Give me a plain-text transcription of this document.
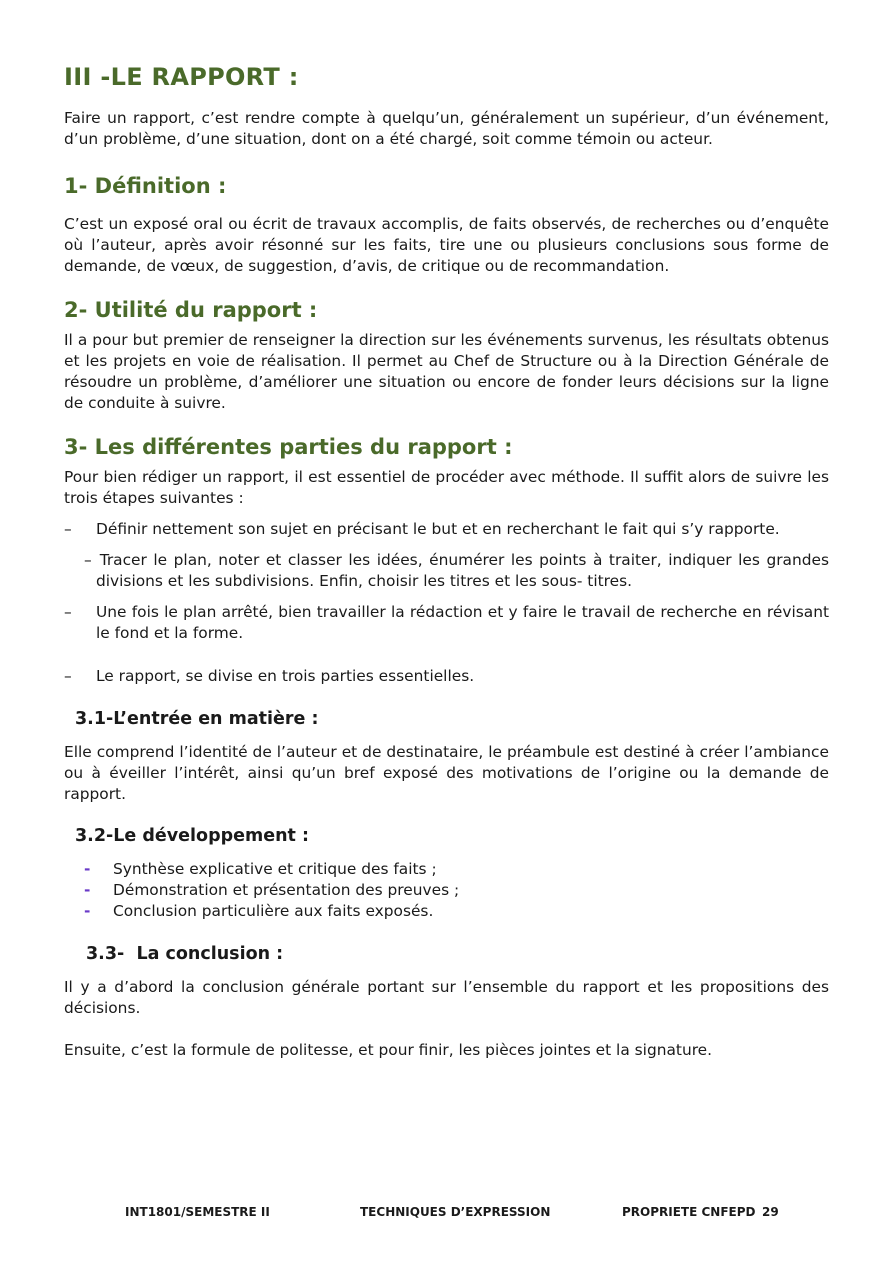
III -LE RAPPORT :

Faire un rapport, c’est rendre compte à quelqu’un, généralement un supérieur, d’un événement, d’un problème, d’une situation, dont on a été chargé, soit comme témoin ou acteur.

1- Définition :

C’est un exposé oral ou écrit de travaux accomplis, de faits observés, de recherches ou d’enquête où l’auteur, après avoir résonné sur les faits, tire une ou plusieurs conclusions sous forme de demande, de vœux, de suggestion, d’avis, de critique ou de recommandation.

2- Utilité du rapport :

Il a pour but premier de renseigner la direction sur les événements survenus, les résultats obtenus et les projets en voie de réalisation. Il permet au Chef de Structure ou à la Direction Générale de résoudre un problème, d’améliorer une situation ou encore de fonder leurs décisions sur la ligne de conduite à suivre.

3- Les différentes parties du rapport :

Pour bien rédiger un rapport, il est essentiel de procéder avec méthode. Il suffit alors de suivre les trois étapes suivantes :

– Définir nettement son sujet en précisant le but et en recherchant le fait qui s’y rapporte.
– Tracer le plan, noter et classer les idées, énumérer les points à traiter, indiquer les grandes divisions et les subdivisions. Enfin, choisir les titres et les sous- titres.
– Une fois le plan arrêté, bien travailler la rédaction et y faire le travail de recherche en révisant le fond et la forme.
– Le rapport, se divise en trois parties essentielles.
3.1-L’entrée en matière :

Elle comprend l’identité de l’auteur et de destinataire, le préambule est destiné à créer l’ambiance ou à éveiller l’intérêt, ainsi qu’un bref exposé des motivations de l’origine ou la demande de rapport.

3.2-Le développement :
- Synthèse explicative et critique des faits ;
- Démonstration et présentation des preuves ;
- Conclusion particulière aux faits exposés.
3.3-  La conclusion :

Il y a d’abord la conclusion générale portant sur l’ensemble du rapport et les propositions des décisions.

Ensuite, c’est la formule de politesse, et pour finir, les pièces jointes et la signature.

INT1801/SEMESTRE II	TECHNIQUES D’EXPRESSION	PROPRIETE CNFEPD 29
